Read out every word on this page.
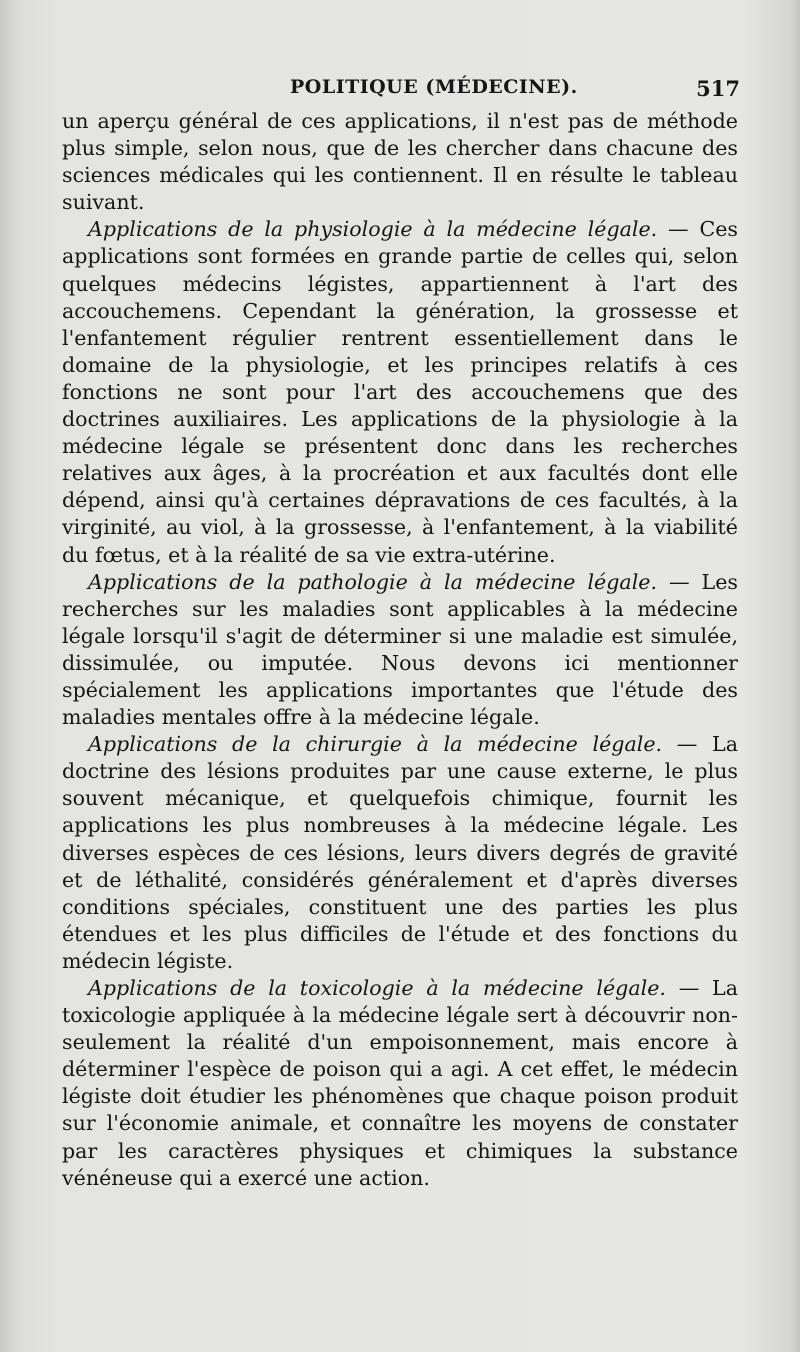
POLITIQUE (MÉDECINE).	517

un aperçu général de ces applications, il n'est pas de méthode plus simple, selon nous, que de les chercher dans chacune des sciences médicales qui les contiennent. Il en résulte le tableau suivant.

Applications de la physiologie à la médecine légale. — Ces applications sont formées en grande partie de celles qui, selon quelques médecins légistes, appartiennent à l'art des accouchemens. Cependant la génération, la grossesse et l'enfantement régulier rentrent essentiellement dans le domaine de la physiologie, et les principes relatifs à ces fonctions ne sont pour l'art des accouchemens que des doctrines auxiliaires. Les applications de la physiologie à la médecine légale se présentent donc dans les recherches relatives aux âges, à la procréation et aux facultés dont elle dépend, ainsi qu'à certaines dépravations de ces facultés, à la virginité, au viol, à la grossesse, à l'enfantement, à la viabilité du fœtus, et à la réalité de sa vie extra-utérine.

Applications de la pathologie à la médecine légale. — Les recherches sur les maladies sont applicables à la médecine légale lorsqu'il s'agit de déterminer si une maladie est simulée, dissimulée, ou imputée. Nous devons ici mentionner spécialement les applications importantes que l'étude des maladies mentales offre à la médecine légale.

Applications de la chirurgie à la médecine légale. — La doctrine des lésions produites par une cause externe, le plus souvent mécanique, et quelquefois chimique, fournit les applications les plus nombreuses à la médecine légale. Les diverses espèces de ces lésions, leurs divers degrés de gravité et de léthalité, considérés généralement et d'après diverses conditions spéciales, constituent une des parties les plus étendues et les plus difficiles de l'étude et des fonctions du médecin légiste.

Applications de la toxicologie à la médecine légale. — La toxicologie appliquée à la médecine légale sert à découvrir non-seulement la réalité d'un empoisonnement, mais encore à déterminer l'espèce de poison qui a agi. A cet effet, le médecin légiste doit étudier les phénomènes que chaque poison produit sur l'économie animale, et connaître les moyens de constater par les caractères physiques et chimiques la substance vénéneuse qui a exercé une action.
